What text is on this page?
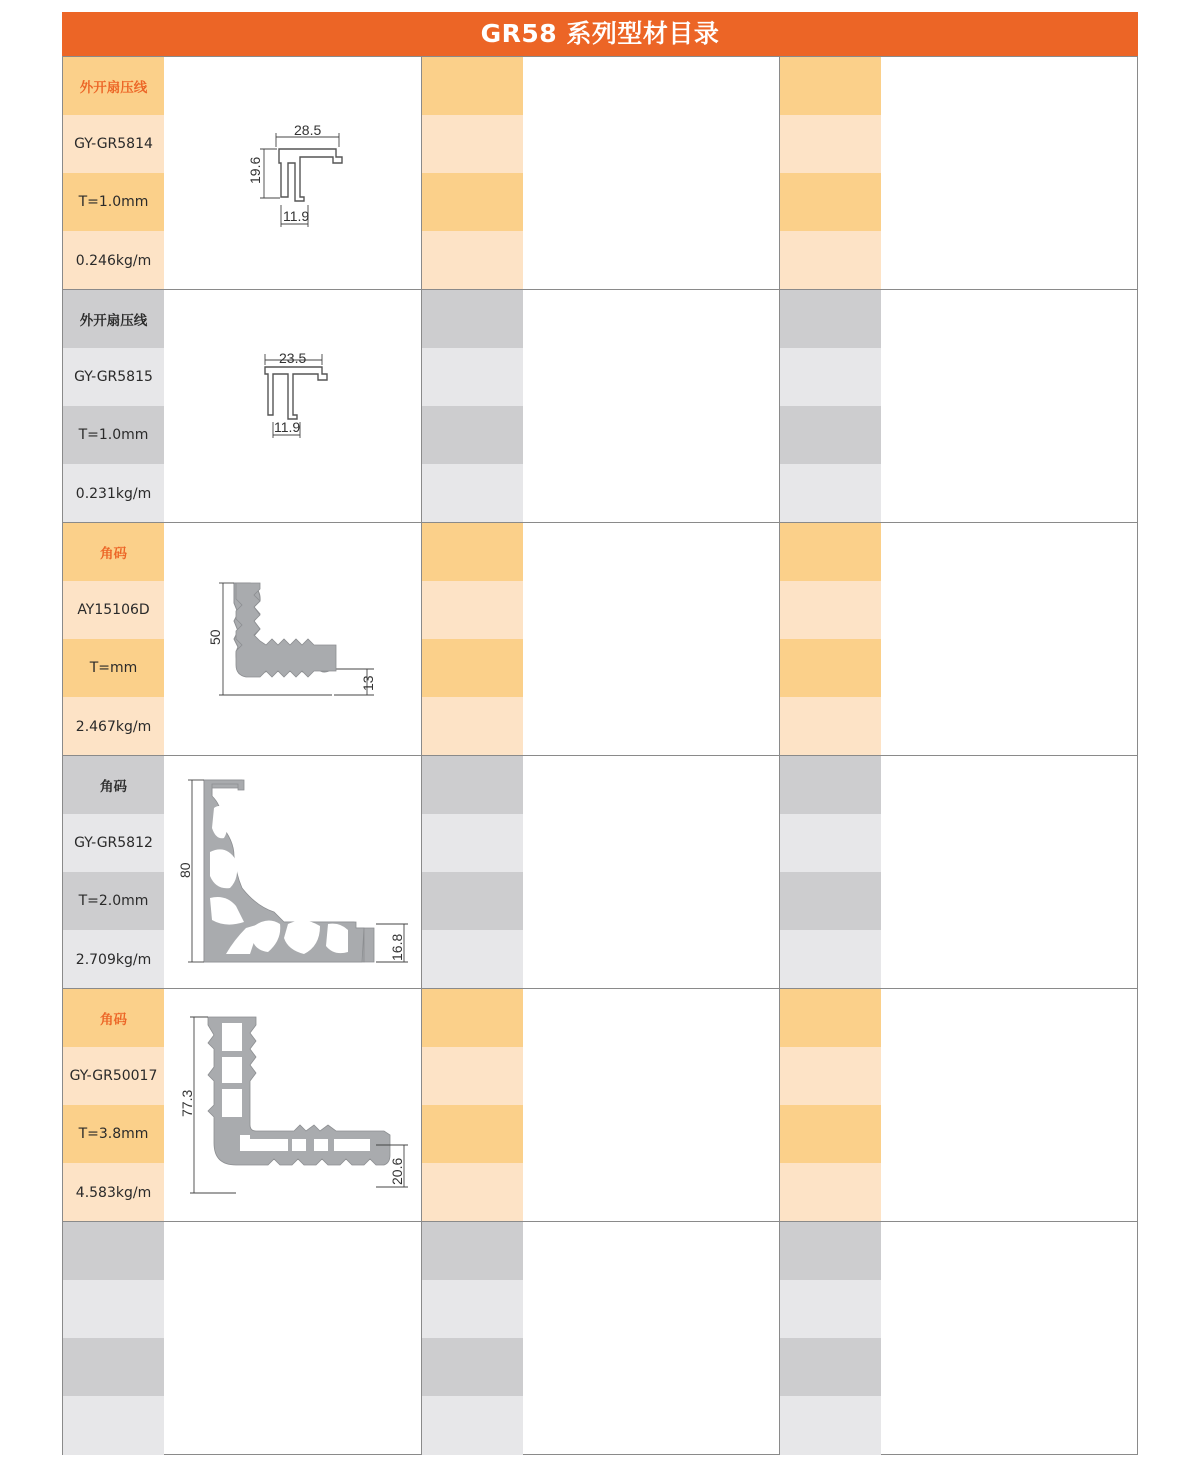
GR58 系列型材目录
外开扇压线
GY-GR5814
T=1.0mm
0.246kg/m
28.5
19.6
11.9
外开扇压线
GY-GR5815
T=1.0mm
0.231kg/m
23.5
11.9
角码
AY15106D
T=mm
2.467kg/m
50
13
角码
GY-GR5812
T=2.0mm
2.709kg/m
80
16.8
角码
GY-GR50017
T=3.8mm
4.583kg/m
77.3
20.6
